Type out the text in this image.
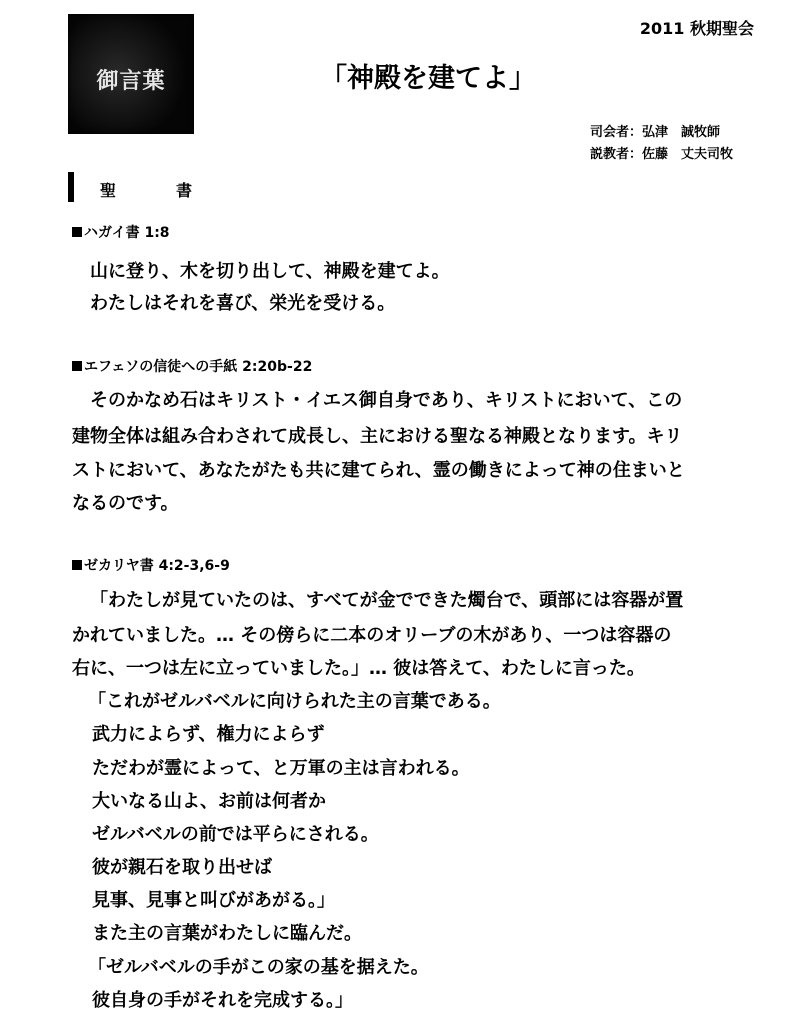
御言葉
2011 秋期聖会
「神殿を建てよ」
司会者：弘津　誠牧師
説教者：佐藤　丈夫司牧
聖　書
ハガイ書 1:8
山に登り、木を切り出して、神殿を建てよ。
わたしはそれを喜び、栄光を受ける。
エフェソの信徒への手紙 2:20b-22
そのかなめ石はキリスト・イエス御自身であり、キリストにおいて、この
建物全体は組み合わされて成長し、主における聖なる神殿となります。キリ
ストにおいて、あなたがたも共に建てられ、霊の働きによって神の住まいと
なるのです。
ゼカリヤ書 4:2-3,6-9
「わたしが見ていたのは、すべてが金でできた燭台で、頭部には容器が置
かれていました。… その傍らに二本のオリーブの木があり、一つは容器の
右に、一つは左に立っていました。」… 彼は答えて、わたしに言った。
「これがゼルバベルに向けられた主の言葉である。
武力によらず、権力によらず
ただわが霊によって、と万軍の主は言われる。
大いなる山よ、お前は何者か
ゼルバベルの前では平らにされる。
彼が親石を取り出せば
見事、見事と叫びがあがる。」
また主の言葉がわたしに臨んだ。
「ゼルバベルの手がこの家の基を据えた。
彼自身の手がそれを完成する。」
